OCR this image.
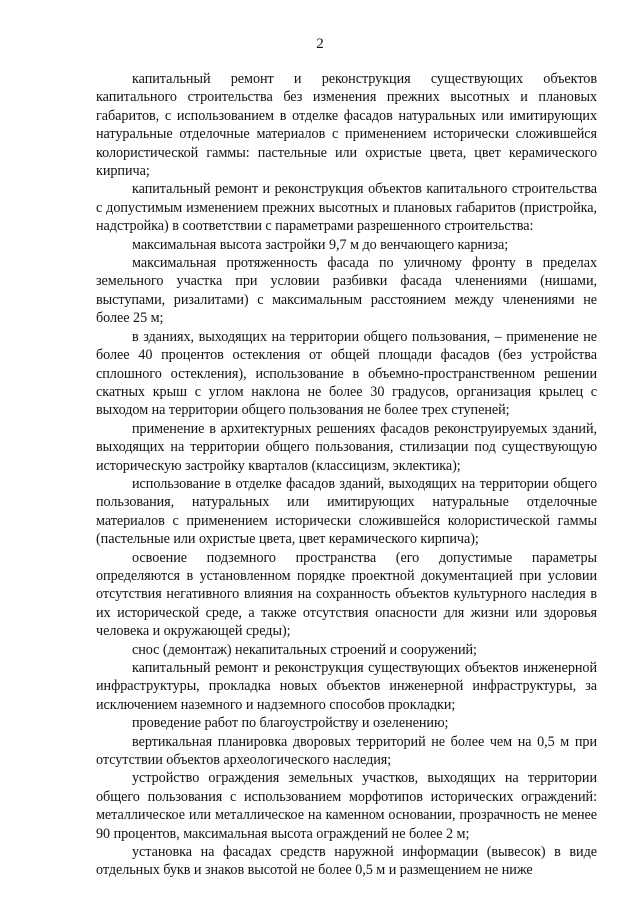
2

капитальный ремонт и реконструкция существующих объектов капитального строительства без изменения прежних высотных и плановых габаритов, с использованием в отделке фасадов натуральных или имитирующих натуральные отделочные материалов с применением исторически сложившейся колористической гаммы: пастельные или охристые цвета, цвет керамического кирпича;

капитальный ремонт и реконструкция объектов капитального строительства с допустимым изменением прежних высотных и плановых габаритов (пристройка, надстройка) в соответствии с параметрами разрешенного строительства:

максимальная высота застройки 9,7 м до венчающего карниза;

максимальная протяженность фасада по уличному фронту в пределах земельного участка при условии разбивки фасада членениями (нишами, выступами, ризалитами) с максимальным расстоянием между членениями не более 25 м;

в зданиях, выходящих на территории общего пользования, – применение не более 40 процентов остекления от общей площади фасадов (без устройства сплошного остекления), использование в объемно-пространственном решении скатных крыш с углом наклона не более 30 градусов, организация крылец с выходом на территории общего пользования не более трех ступеней;

применение в архитектурных решениях фасадов реконструируемых зданий, выходящих на территории общего пользования, стилизации под существующую историческую застройку кварталов (классицизм, эклектика);

использование в отделке фасадов зданий, выходящих на территории общего пользования, натуральных или имитирующих натуральные отделочные материалов с применением исторически сложившейся колористической гаммы (пастельные или охристые цвета, цвет керамического кирпича);

освоение подземного пространства (его допустимые параметры определяются в установленном порядке проектной документацией при условии отсутствия негативного влияния на сохранность объектов культурного наследия в их исторической среде, а также отсутствия опасности для жизни или здоровья человека и окружающей среды);

снос (демонтаж) некапитальных строений и сооружений;

капитальный ремонт и реконструкция существующих объектов инженерной инфраструктуры, прокладка новых объектов инженерной инфраструктуры, за исключением наземного и надземного способов прокладки;

проведение работ по благоустройству и озеленению;

вертикальная планировка дворовых территорий не более чем на 0,5 м при отсутствии объектов археологического наследия;

устройство ограждения земельных участков, выходящих на территории общего пользования с использованием морфотипов исторических ограждений: металлическое или металлическое на каменном основании, прозрачность не менее 90 процентов, максимальная высота ограждений не более 2 м;

установка на фасадах средств наружной информации (вывесок) в виде отдельных букв и знаков высотой не более 0,5 м и размещением не ниже
